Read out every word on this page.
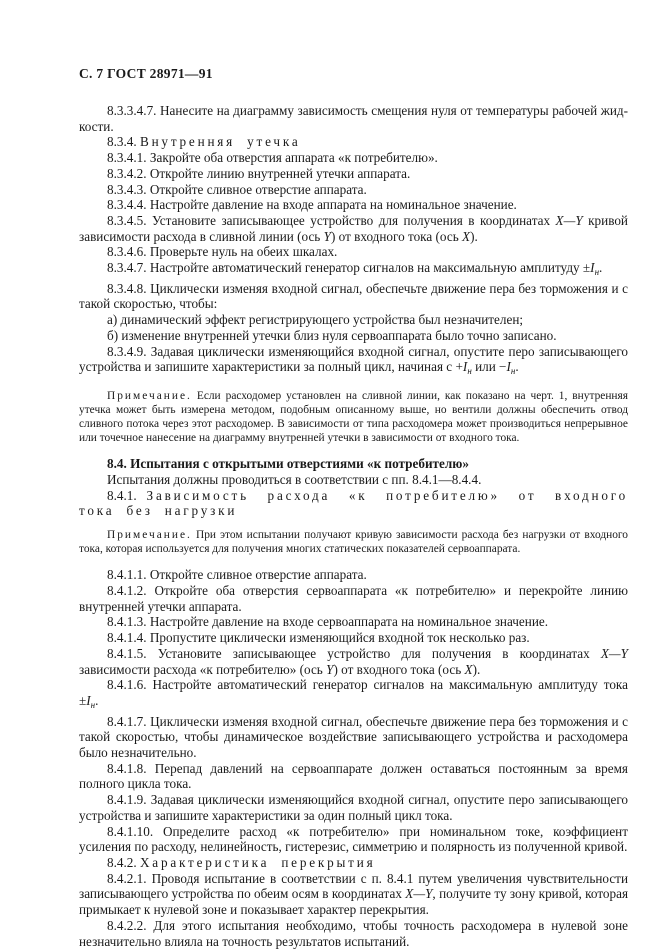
С. 7 ГОСТ 28971—91

8.3.3.4.7. Нанесите на диаграмму зависимость смещения нуля от температуры рабочей жидкости.

8.3.4. Внутренняя утечка

8.3.4.1. Закройте оба отверстия аппарата «к потребителю».

8.3.4.2. Откройте линию внутренней утечки аппарата.

8.3.4.3. Откройте сливное отверстие аппарата.

8.3.4.4. Настройте давление на входе аппарата на номинальное значение.

8.3.4.5. Установите записывающее устройство для получения в координатах X—Y кривой зависимости расхода в сливной линии (ось Y) от входного тока (ось X).

8.3.4.6. Проверьте нуль на обеих шкалах.

8.3.4.7. Настройте автоматический генератор сигналов на максимальную амплитуду $\pm I_н$.

8.3.4.8. Циклически изменяя входной сигнал, обеспечьте движение пера без торможения и с такой скоростью, чтобы:

а) динамический эффект регистрирующего устройства был незначителен;

б) изменение внутренней утечки близ нуля сервоаппарата было точно записано.

8.3.4.9. Задавая циклически изменяющийся входной сигнал, опустите перо записывающего устройства и запишите характеристики за полный цикл, начиная $с +I_н$ или $-I_н$.

Примечание. Если расходомер установлен на сливной линии, как показано на черт. 1, внутренняя утечка может быть измерена методом, подобным описанному выше, но вентили должны обеспечить отвод сливного потока через этот расходомер. В зависимости от типа расходомера может производиться непрерывное или точечное нанесение на диаграмму внутренней утечки в зависимости от входного тока.

8.4. Испытания с открытыми отверстиями «к потребителю»

Испытания должны проводиться в соответствии с пп. 8.4.1—8.4.4.

8.4.1. Зависимость расхода «к потребителю» от входного тока без нагрузки

Примечание. При этом испытании получают кривую зависимости расхода без нагрузки от входного тока, которая используется для получения многих статических показателей сервоаппарата.

8.4.1.1. Откройте сливное отверстие аппарата.

8.4.1.2. Откройте оба отверстия сервоаппарата «к потребителю» и перекройте линию внутренней утечки аппарата.

8.4.1.3. Настройте давление на входе сервоаппарата на номинальное значение.

8.4.1.4. Пропустите циклически изменяющийся входной ток несколько раз.

8.4.1.5. Установите записывающее устройство для получения в координатах X—Y зависимости расхода «к потребителю» (ось Y) от входного тока (ось X).

8.4.1.6. Настройте автоматический генератор сигналов на максимальную амплитуду тока $\pm I_н$.

8.4.1.7. Циклически изменяя входной сигнал, обеспечьте движение пера без торможения и с такой скоростью, чтобы динамическое воздействие записывающего устройства и расходомера было незначительно.

8.4.1.8. Перепад давлений на сервоаппарате должен оставаться постоянным за время полного цикла тока.

8.4.1.9. Задавая циклически изменяющийся входной сигнал, опустите перо записывающего устройства и запишите характеристики за один полный цикл тока.

8.4.1.10. Определите расход «к потребителю» при номинальном токе, коэффициент усиления по расходу, нелинейность, гистерезис, симметрию и полярность из полученной кривой.

8.4.2. Характеристика перекрытия

8.4.2.1. Проводя испытание в соответствии с п. 8.4.1 путем увеличения чувствительности записывающего устройства по обеим осям в координатах X—Y, получите ту зону кривой, которая примыкает к нулевой зоне и показывает характер перекрытия.

8.4.2.2. Для этого испытания необходимо, чтобы точность расходомера в нулевой зоне незначительно влияла на точность результатов испытаний.
